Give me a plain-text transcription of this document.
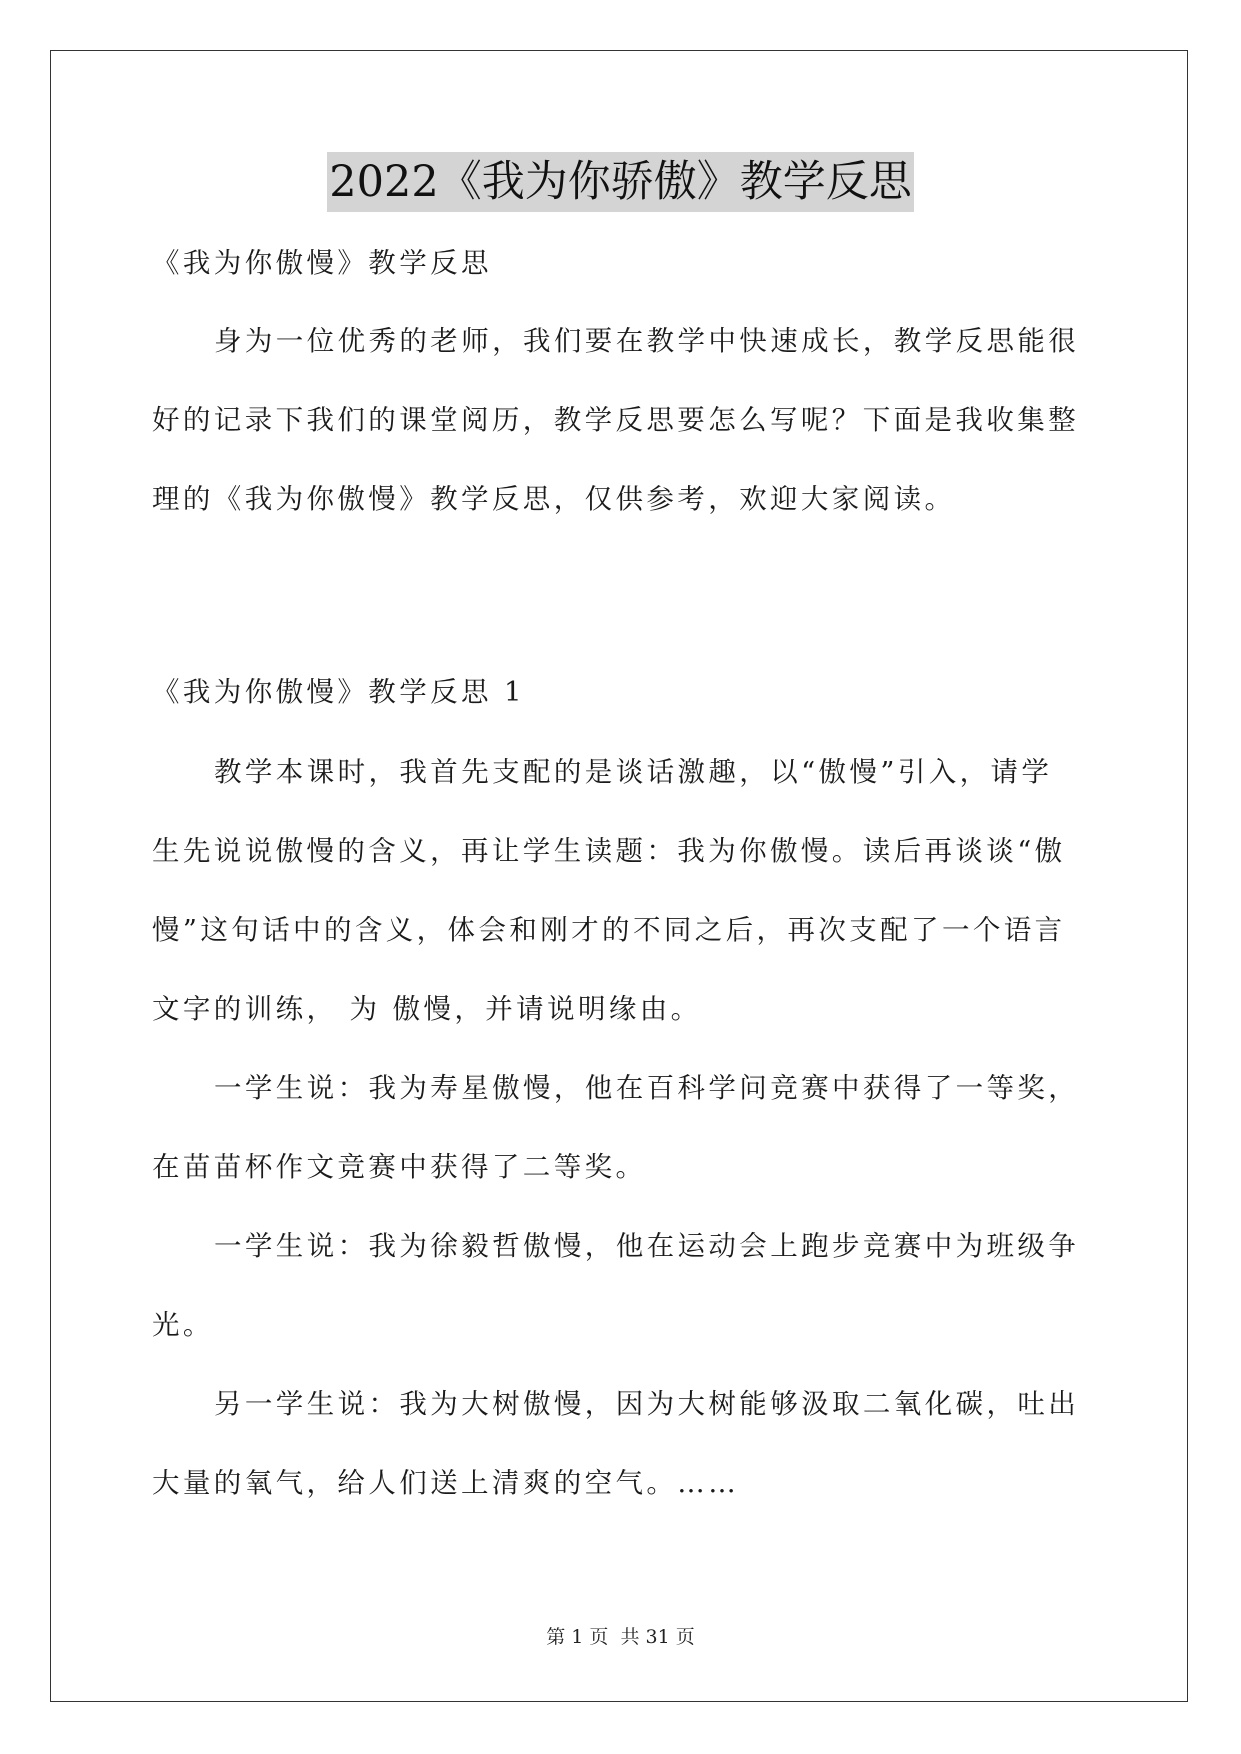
2022《我为你骄傲》教学反思
《我为你傲慢》教学反思
身为一位优秀的老师，我们要在教学中快速成长，教学反思能很
好的记录下我们的课堂阅历，教学反思要怎么写呢？下面是我收集整
理的《我为你傲慢》教学反思，仅供参考，欢迎大家阅读。
《我为你傲慢》教学反思 1
教学本课时，我首先支配的是谈话激趣，以“傲慢”引入，请学
生先说说傲慢的含义，再让学生读题：我为你傲慢。读后再谈谈“傲
慢”这句话中的含义，体会和刚才的不同之后，再次支配了一个语言
文字的训练， 为 傲慢，并请说明缘由。
一学生说：我为寿星傲慢，他在百科学问竞赛中获得了一等奖，
在苗苗杯作文竞赛中获得了二等奖。
一学生说：我为徐毅哲傲慢，他在运动会上跑步竞赛中为班级争
光。
另一学生说：我为大树傲慢，因为大树能够汲取二氧化碳，吐出
大量的氧气，给人们送上清爽的空气。……
第 1 页 共 31 页
